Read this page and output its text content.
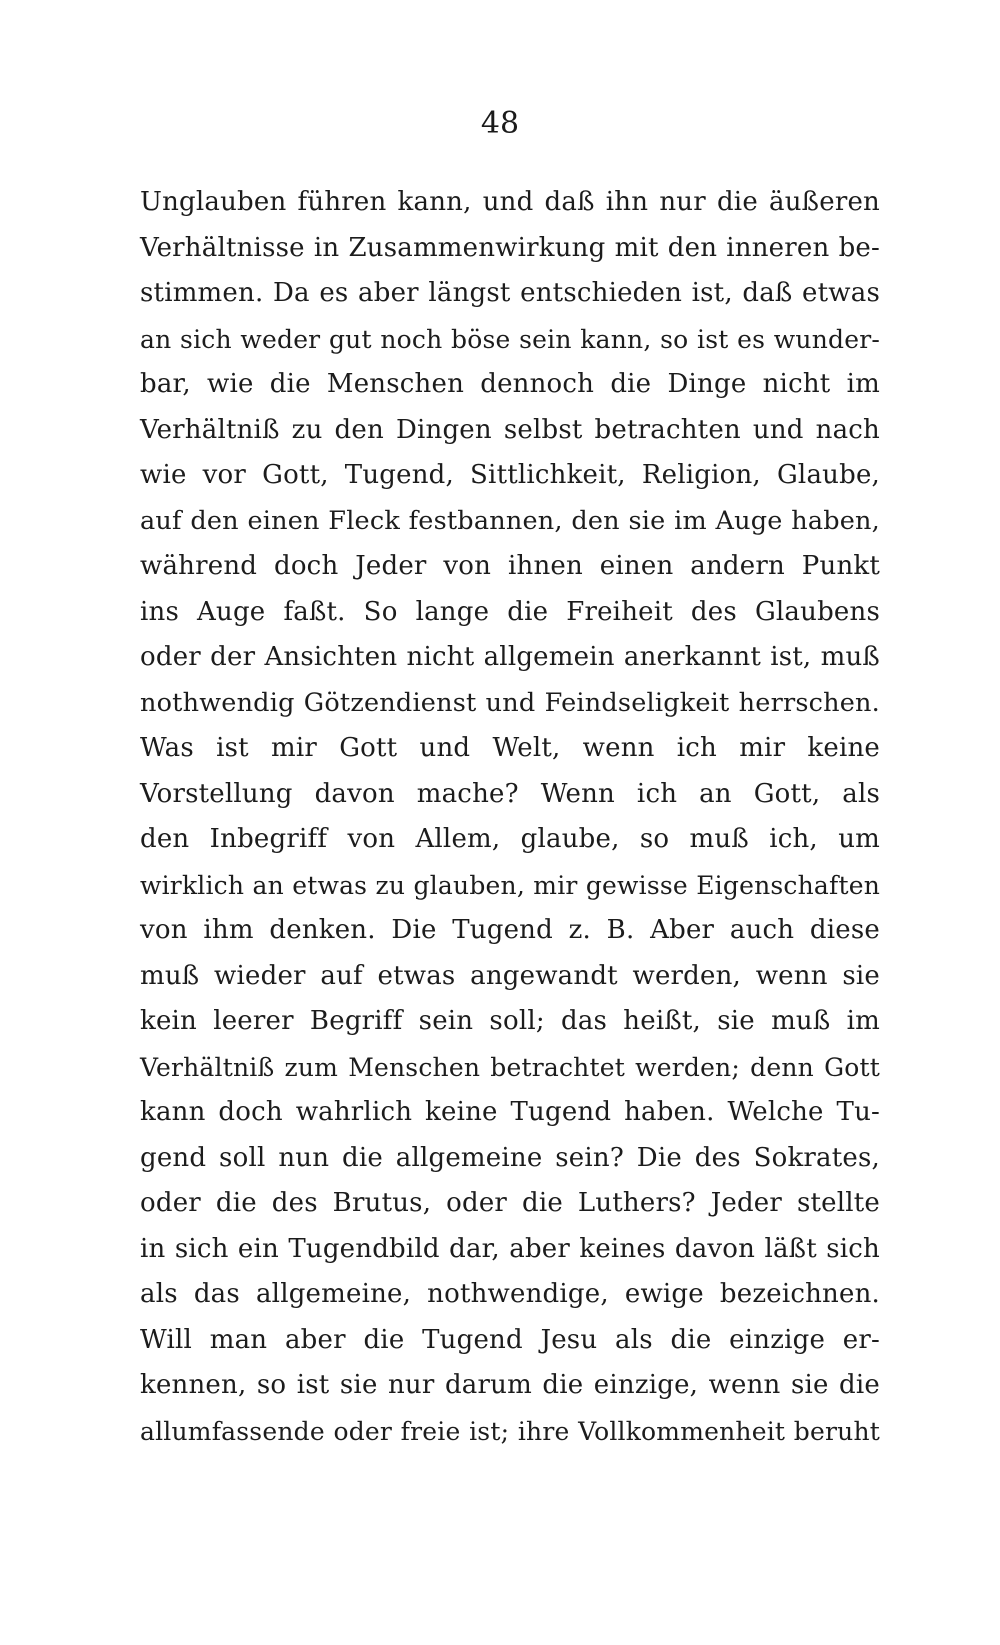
48
Unglauben führen kann, und daß ihn nur die äußeren
Verhältnisse in Zusammenwirkung mit den inneren be-
stimmen. Da es aber längst entschieden ist, daß etwas
an sich weder gut noch böse sein kann, so ist es wunder-
bar, wie die Menschen dennoch die Dinge nicht im
Verhältniß zu den Dingen selbst betrachten und nach
wie vor Gott, Tugend, Sittlichkeit, Religion, Glaube,
auf den einen Fleck festbannen, den sie im Auge haben,
während doch Jeder von ihnen einen andern Punkt
ins Auge faßt. So lange die Freiheit des Glaubens
oder der Ansichten nicht allgemein anerkannt ist, muß
nothwendig Götzendienst und Feindseligkeit herrschen.
Was ist mir Gott und Welt, wenn ich mir keine
Vorstellung davon mache? Wenn ich an Gott, als
den Inbegriff von Allem, glaube, so muß ich, um
wirklich an etwas zu glauben, mir gewisse Eigenschaften
von ihm denken. Die Tugend z. B. Aber auch diese
muß wieder auf etwas angewandt werden, wenn sie
kein leerer Begriff sein soll; das heißt, sie muß im
Verhältniß zum Menschen betrachtet werden; denn Gott
kann doch wahrlich keine Tugend haben. Welche Tu-
gend soll nun die allgemeine sein? Die des Sokrates,
oder die des Brutus, oder die Luthers? Jeder stellte
in sich ein Tugendbild dar, aber keines davon läßt sich
als das allgemeine, nothwendige, ewige bezeichnen.
Will man aber die Tugend Jesu als die einzige er-
kennen, so ist sie nur darum die einzige, wenn sie die
allumfassende oder freie ist; ihre Vollkommenheit beruht
